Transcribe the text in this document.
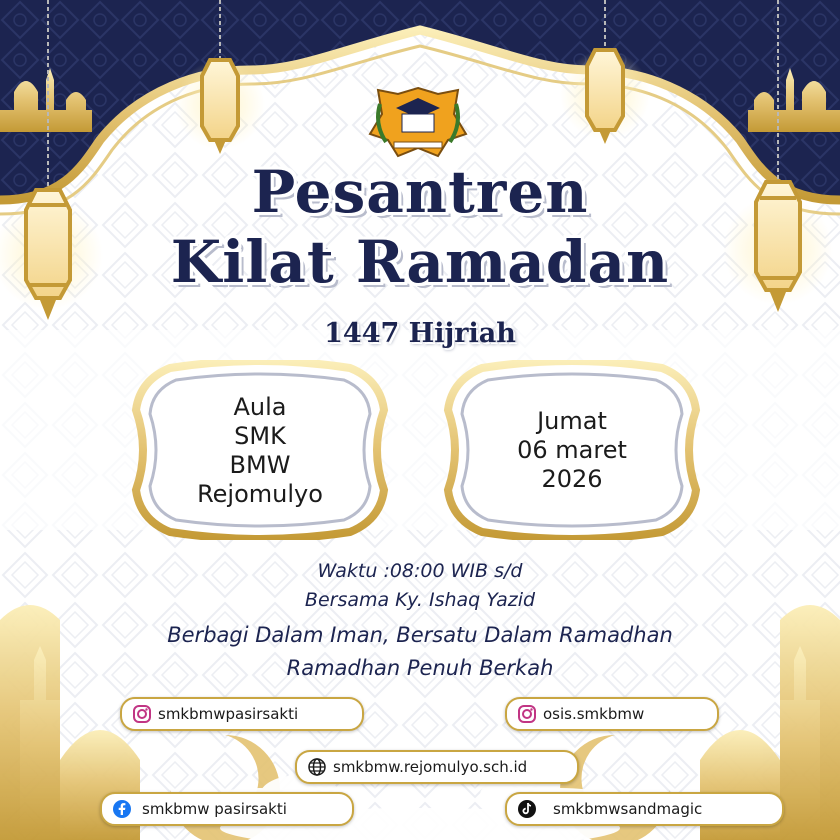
Pesantren
Kilat Ramadan
1447 Hijriah
Aula
SMK
BMW
Rejomulyo
Jumat
06 maret
2026
Waktu :08:00 WIB s/d
Bersama Ky. Ishaq Yazid
Berbagi Dalam Iman, Bersatu Dalam Ramadhan
Ramadhan Penuh Berkah
smkbmwpasirsakti	osis.smkbmw
smkbmw.rejomulyo.sch.id
smkbmw pasirsakti	smkbmwsandmagic
